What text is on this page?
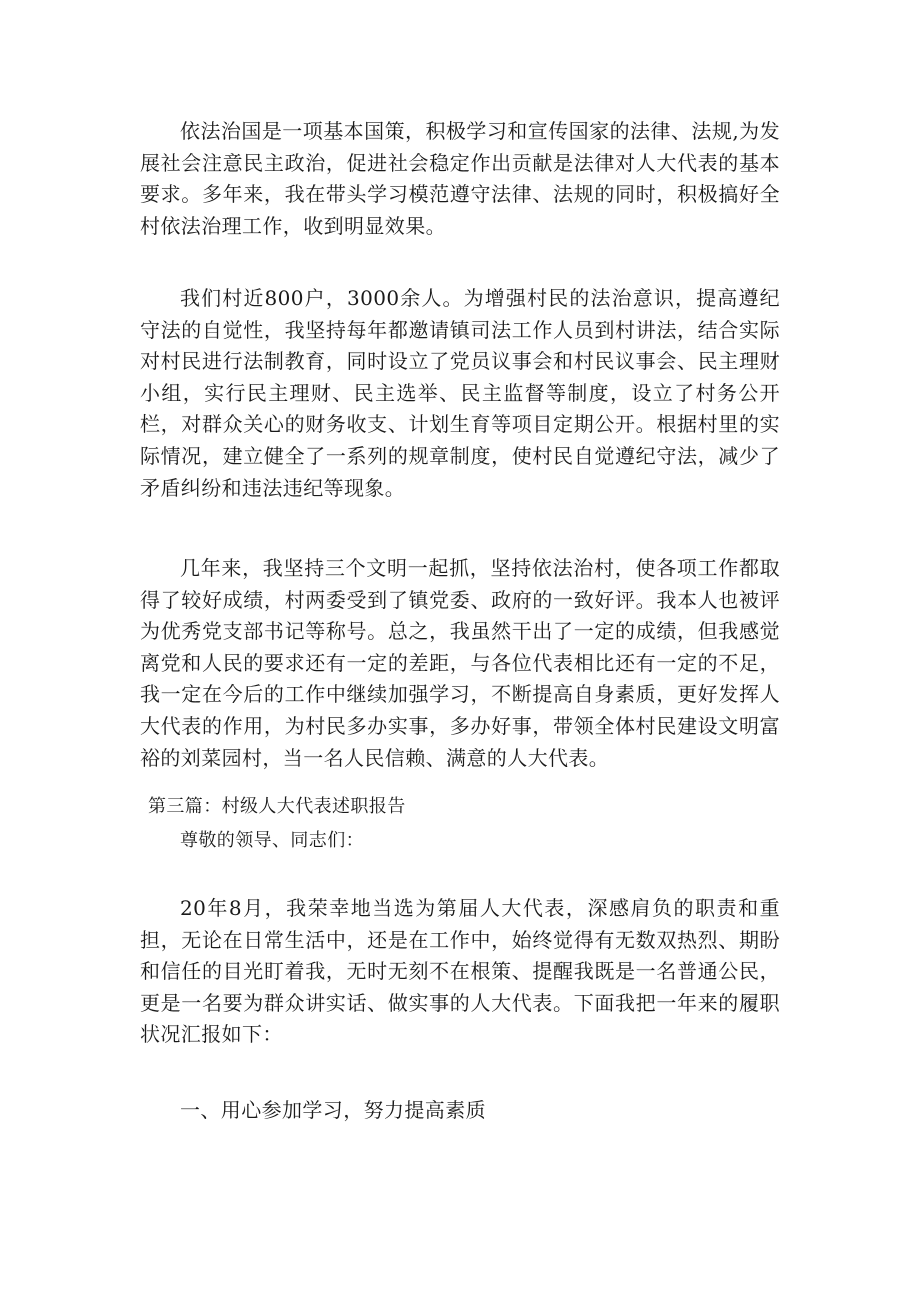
依法治国是一项基本国策，积极学习和宣传国家的法律、法规,为发展社会注意民主政治，促进社会稳定作出贡献是法律对人大代表的基本要求。多年来，我在带头学习模范遵守法律、法规的同时，积极搞好全村依法治理工作，收到明显效果。

我们村近800户，3000余人。为增强村民的法治意识，提高遵纪守法的自觉性，我坚持每年都邀请镇司法工作人员到村讲法，结合实际对村民进行法制教育，同时设立了党员议事会和村民议事会、民主理财小组，实行民主理财、民主选举、民主监督等制度，设立了村务公开栏，对群众关心的财务收支、计划生育等项目定期公开。根据村里的实际情况，建立健全了一系列的规章制度，使村民自觉遵纪守法，减少了矛盾纠纷和违法违纪等现象。

几年来，我坚持三个文明一起抓，坚持依法治村，使各项工作都取得了较好成绩，村两委受到了镇党委、政府的一致好评。我本人也被评为优秀党支部书记等称号。总之，我虽然干出了一定的成绩，但我感觉离党和人民的要求还有一定的差距，与各位代表相比还有一定的不足，我一定在今后的工作中继续加强学习，不断提高自身素质，更好发挥人大代表的作用，为村民多办实事，多办好事，带领全体村民建设文明富裕的刘菜园村，当一名人民信赖、满意的人大代表。

第三篇：村级人大代表述职报告

尊敬的领导、同志们：

20年8月，我荣幸地当选为第届人大代表，深感肩负的职责和重担，无论在日常生活中，还是在工作中，始终觉得有无数双热烈、期盼和信任的目光盯着我，无时无刻不在根策、提醒我既是一名普通公民，更是一名要为群众讲实话、做实事的人大代表。下面我把一年来的履职状况汇报如下：

一、用心参加学习，努力提高素质
